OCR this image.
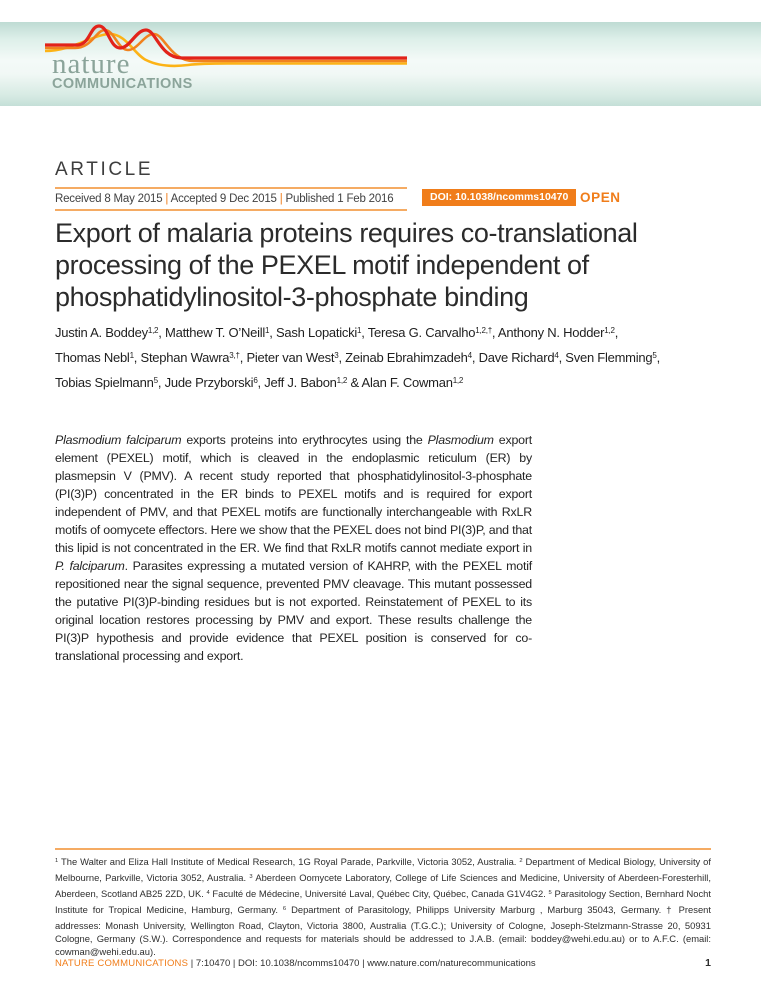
nature
COMMUNICATIONS
ARTICLE
Received 8 May 2015 | Accepted 9 Dec 2015 | Published 1 Feb 2016	DOI: 10.1038/ncomms10470 OPEN
Export of malaria proteins requires co-translational
processing of the PEXEL motif independent of
phosphatidylinositol-3-phosphate binding
Justin A. Boddey$^{1,2}$, Matthew T. O’Neill$^1$, Sash Lopaticki$^1$, Teresa G. Carvalho$^{1,2,\dagger}$, Anthony N. Hodder$^{1,2}$,
Thomas Nebl$^1$, Stephan Wawra$^{3,\dagger}$, Pieter van West$^3$, Zeinab Ebrahimzadeh$^4$, Dave Richard$^4$, Sven Flemming$^5$,
Tobias Spielmann$^5$, Jude Przyborski$^6$, Jeff J. Babon$^{1,2}$ & Alan F. Cowman$^{1,2}$
Plasmodium falciparum exports proteins into erythrocytes using the Plasmodium export element (PEXEL) motif, which is cleaved in the endoplasmic reticulum (ER) by plasmepsin V (PMV). A recent study reported that phosphatidylinositol-3-phosphate (PI(3)P) concentrated in the ER binds to PEXEL motifs and is required for export independent of PMV, and that PEXEL motifs are functionally interchangeable with RxLR motifs of oomycete effectors. Here we show that the PEXEL does not bind PI(3)P, and that this lipid is not concentrated in the ER. We find that RxLR motifs cannot mediate export in P. falciparum. Parasites expressing a mutated version of KAHRP, with the PEXEL motif repositioned near the signal sequence, prevented PMV cleavage. This mutant possessed the putative PI(3)P-binding residues but is not exported. Reinstatement of PEXEL to its original location restores processing by PMV and export. These results challenge the PI(3)P hypothesis and provide evidence that PEXEL position is conserved for co-translational processing and export.
$^1$ The Walter and Eliza Hall Institute of Medical Research, 1G Royal Parade, Parkville, Victoria 3052, Australia. $^2$ Department of Medical Biology, University of Melbourne, Parkville, Victoria 3052, Australia. $^3$ Aberdeen Oomycete Laboratory, College of Life Sciences and Medicine, University of Aberdeen-Foresterhill, Aberdeen, Scotland AB25 2ZD, UK. $^4$ Faculté de Médecine, Université Laval, Québec City, Québec, Canada G1V4G2. $^5$ Parasitology Section, Bernhard Nocht Institute for Tropical Medicine, Hamburg, Germany. $^6$ Department of Parasitology, Philipps University Marburg , Marburg 35043, Germany. † Present addresses: Monash University, Wellington Road, Clayton, Victoria 3800, Australia (T.G.C.); University of Cologne, Joseph-Stelzmann-Strasse 20, 50931 Cologne, Germany (S.W.). Correspondence and requests for materials should be addressed to J.A.B. (email: boddey@wehi.edu.au) or to A.F.C. (email: cowman@wehi.edu.au).
NATURE COMMUNICATIONS | 7:10470 | DOI: 10.1038/ncomms10470 | www.nature.com/naturecommunications	1
